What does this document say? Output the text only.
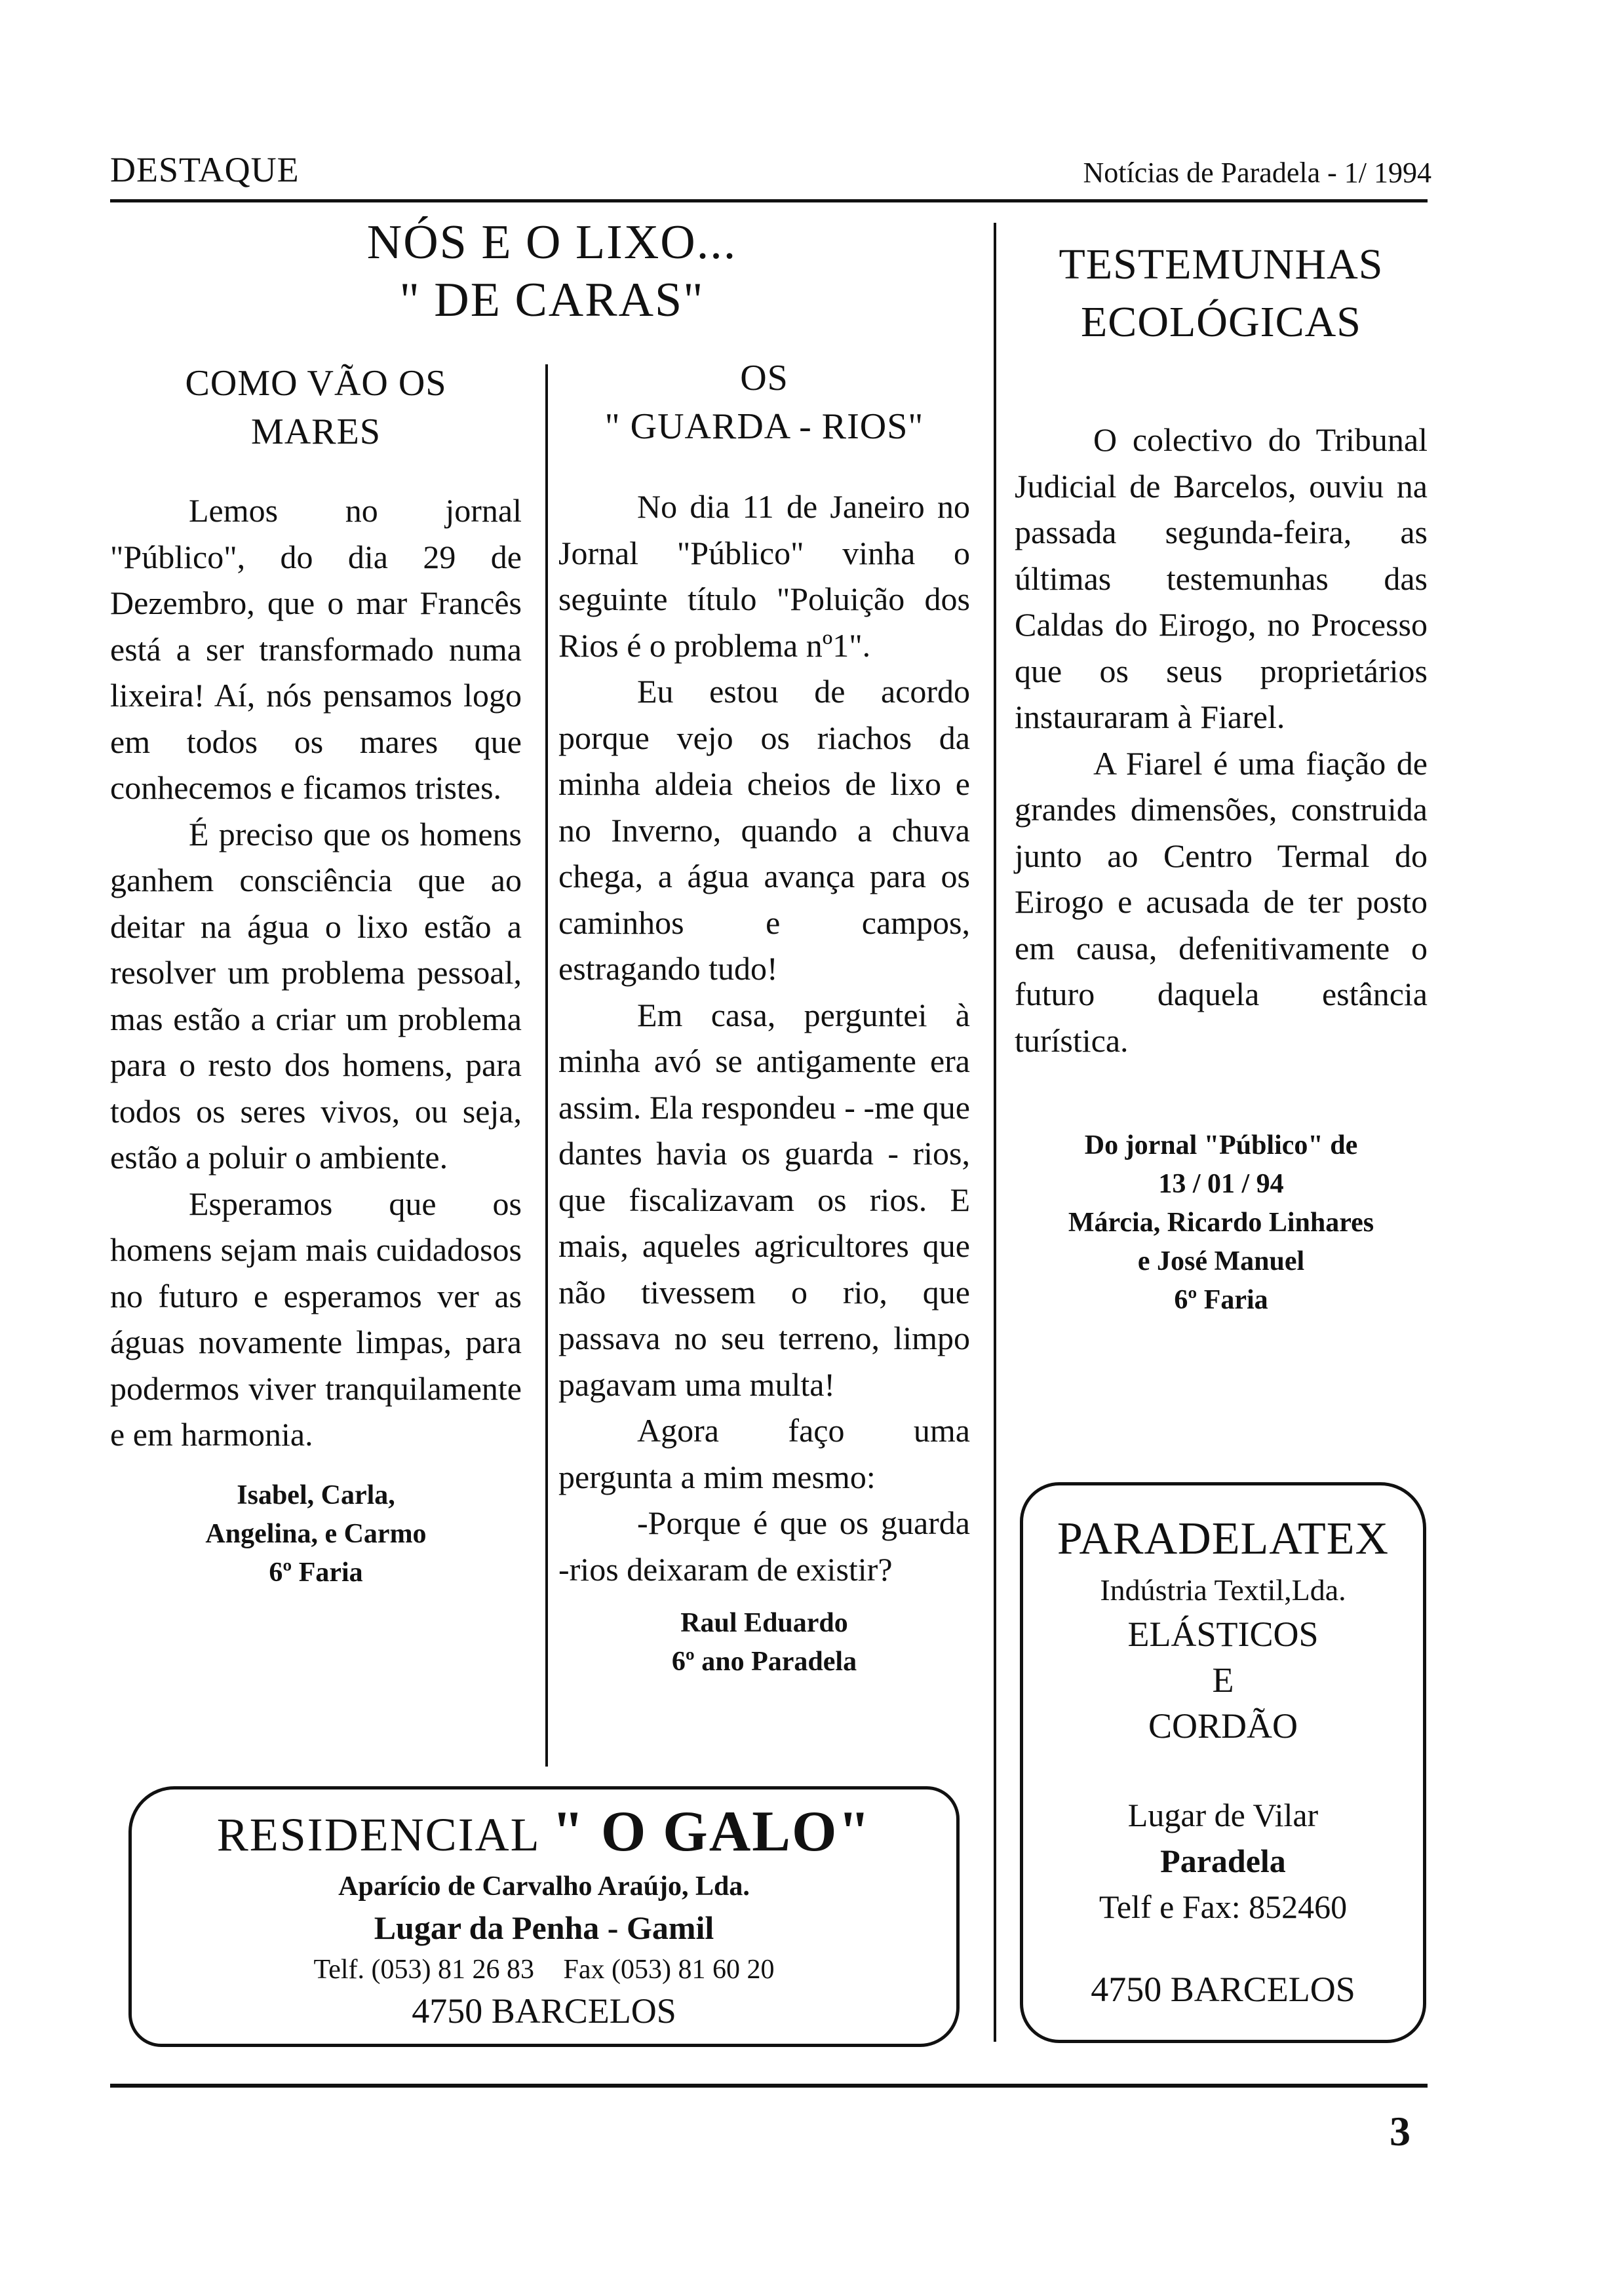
DESTAQUE	Notícias de Paradela - 1/ 1994
NÓS E O LIXO...
" DE CARAS"
COMO VÃO OS
MARES

Lemos no jornal "Público", do dia 29 de Dezembro, que o mar Francês está a ser transformado numa lixeira! Aí, nós pensamos logo em todos os mares que conhecemos e ficamos tristes.

É preciso que os homens ganhem consciência que ao deitar na água o lixo estão a resolver um problema pessoal, mas estão a criar um problema para o resto dos homens, para todos os seres vivos, ou seja, estão a poluir o ambiente.

Esperamos que os homens sejam mais cuidadosos no futuro e esperamos ver as águas novamente limpas, para podermos viver tranquilamente e em harmonia.

Isabel, Carla,
Angelina, e Carmo
6º Faria
OS
" GUARDA - RIOS"

No dia 11 de Janeiro no Jornal "Público" vinha o seguinte título "Poluição dos Rios é o problema nº1".

Eu estou de acordo porque vejo os riachos da minha aldeia cheios de lixo e no Inverno, quando a chuva chega, a água avança para os caminhos e campos, estragando tudo!

Em casa, perguntei à minha avó se antigamente era assim. Ela respondeu - -me que dantes havia os guarda - rios, que fiscalizavam os rios. E mais, aqueles agricultores que não tivessem o rio, que passava no seu terreno, limpo pagavam uma multa!

Agora faço uma pergunta a mim mesmo:

-Porque é que os guarda -rios deixaram de existir?

Raul Eduardo
6º ano Paradela
TESTEMUNHAS
ECOLÓGICAS

O colectivo do Tribunal Judicial de Barcelos, ouviu na passada segunda-feira, as últimas testemunhas das Caldas do Eirogo, no Processo que os seus proprietários instauraram à Fiarel.

A Fiarel é uma fiação de grandes dimensões, construida junto ao Centro Termal do Eirogo e acusada de ter posto em causa, defenitivamente o futuro daquela estância turística.

Do jornal "Público" de
13 / 01 / 94
Márcia, Ricardo Linhares
e José Manuel
6º Faria
RESIDENCIAL " O GALO"
Aparício de Carvalho Araújo, Lda.
Lugar da Penha - Gamil
Telf. (053) 81 26 83 Fax (053) 81 60 20
4750 BARCELOS
PARADELATEX
Indústria Textil,Lda.
ELÁSTICOS
E
CORDÃO
Lugar de Vilar
Paradela
Telf e Fax: 852460
4750 BARCELOS
3
